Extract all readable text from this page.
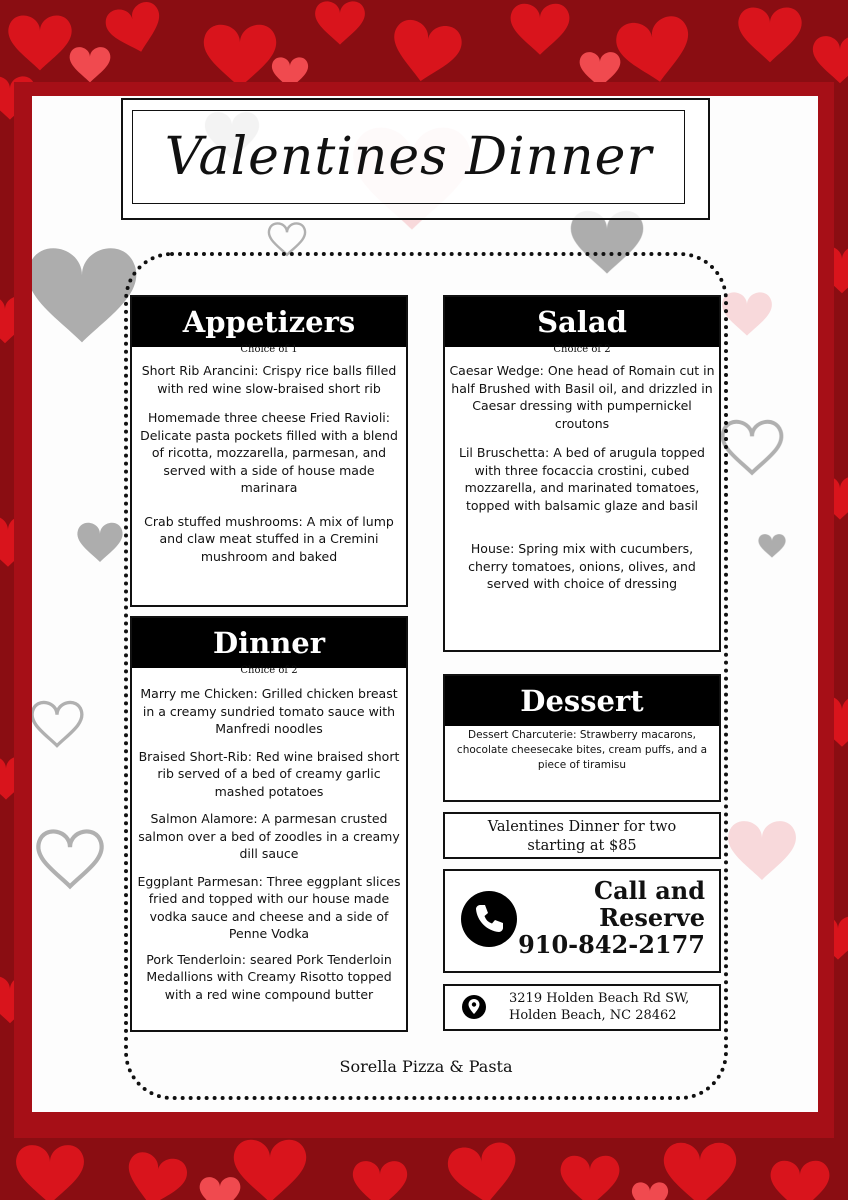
Valentines Dinner
Appetizers
Choice of 1
Short Rib Arancini: Crispy rice balls filled with red wine slow-braised short rib
Homemade three cheese Fried Ravioli: Delicate pasta pockets filled with a blend of ricotta, mozzarella, parmesan, and served with a side of house made marinara
Crab stuffed mushrooms: A mix of lump and claw meat stuffed in a Cremini mushroom and baked
Salad
Choice of 2
Caesar Wedge: One head of Romain cut in half Brushed with Basil oil, and drizzled in Caesar dressing with pumpernickel croutons
Lil Bruschetta: A bed of arugula topped with three focaccia crostini, cubed mozzarella, and marinated tomatoes, topped with balsamic glaze and basil
House: Spring mix with cucumbers, cherry tomatoes, onions, olives, and served with choice of dressing
Dinner
Choice of 2
Marry me Chicken: Grilled chicken breast in a creamy sundried tomato sauce with Manfredi noodles
Braised Short-Rib: Red wine braised short rib served of a bed of creamy garlic mashed potatoes
Salmon Alamore: A parmesan crusted salmon over a bed of zoodles in a creamy dill sauce
Eggplant Parmesan: Three eggplant slices fried and topped with our house made vodka sauce and cheese and a side of Penne Vodka
Pork Tenderloin: seared Pork Tenderloin Medallions with Creamy Risotto topped with a red wine compound butter
Dessert
Dessert Charcuterie: Strawberry macarons, chocolate cheesecake bites, cream puffs, and a piece of tiramisu
Valentines Dinner for two
starting at $85
Call and
Reserve
910-842-2177
3219 Holden Beach Rd SW,
Holden Beach, NC 28462
Sorella Pizza & Pasta
